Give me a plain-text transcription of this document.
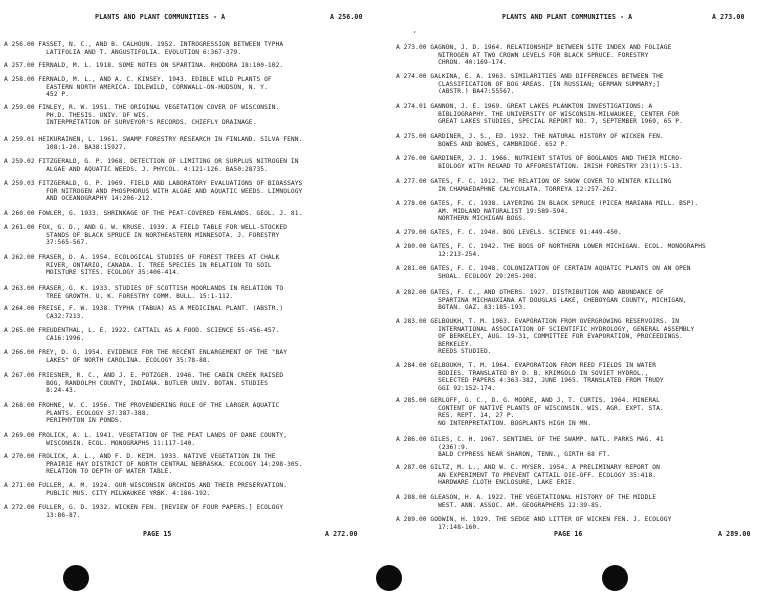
PLANTS AND PLANT COMMUNITIES - A	A 256.00
A 256.00 FASSET, N. C., AND B. CALHOUN. 1952. INTROGRESSION BETWEEN TYPHA
LATIFOLIA AND T. ANGUSTIFOLIA. EVOLUTION 6:367-379.
A 257.00 FERNALD, M. L. 1918. SOME NOTES ON SPARTINA. RHODORA 18:100-102.
A 258.00 FERNALD, M. L., AND A. C. KINSEY. 1943. EDIBLE WILD PLANTS OF
EASTERN NORTH AMERICA. IDLEWILD, CORNWALL-ON-HUDSON, N. Y.
452 P.
A 259.00 FINLEY, R. W. 1951. THE ORIGINAL VEGETATION COVER OF WISCONSIN.
PH.D. THESIS. UNIV. OF WIS.
INTERPRETATION OF SURVEYOR'S RECORDS. CHIEFLY DRAINAGE.
A 259.01 HEIKURAINEN, L. 1961. SWAMP FORESTRY RESEARCH IN FINLAND. SILVA FENN.
108:1-20. BA38:15927.
A 259.02 FITZGERALD, G. P. 1968. DETECTION OF LIMITING OR SURPLUS NITROGEN IN
ALGAE AND AQUATIC WEEDS. J. PHYCOL. 4:121-126. BA50:28735.
A 259.03 FITZGERALD, G. P. 1969. FIELD AND LABORATORY EVALUATIONS OF BIOASSAYS
FOR NITROGEN AND PHOSPHORUS WITH ALGAE AND AQUATIC WEEDS. LIMNOLOGY
AND OCEANOGRAPHY 14:206-212.
A 260.00 FOWLER, G. 1933. SHRINKAGE OF THE PEAT-COVERED FENLANDS. GEOL. J. 81.
A 261.00 FOX, G. D., AND G. W. KRUSE. 1939. A FIELD TABLE FOR WELL-STOCKED
STANDS OF BLACK SPRUCE IN NORTHEASTERN MINNESOTA. J. FORESTRY
37:565-567.
A 262.00 FRASER, D. A. 1954. ECOLOGICAL STUDIES OF FOREST TREES AT CHALK
RIVER, ONTARIO, CANADA. I. TREE SPECIES IN RELATION TO SOIL
MOISTURE SITES. ECOLOGY 35:406-414.
A 263.00 FRASER, G. K. 1933. STUDIES OF SCOTTISH MOORLANDS IN RELATION TO
TREE GROWTH. U. K. FORESTRY COMM. BULL. 15:1-112.
A 264.00 FREISE, F. W. 1938. TYPHA (TABUA) AS A MEDICINAL PLANT. (ABSTR.)
CA32:7213.
A 265.00 FREUDENTHAL, L. E. 1922. CATTAIL AS A FOOD. SCIENCE 55:456-457.
CA16:1996.
A 266.00 FREY, D. G. 1954. EVIDENCE FOR THE RECENT ENLARGEMENT OF THE "BAY
LAKES" OF NORTH CAROLINA. ECOLOGY 35:78-88.
A 267.00 FRIESNER, R. C., AND J. E. POTZGER. 1946. THE CABIN CREEK RAISED
BOG, RANDOLPH COUNTY, INDIANA. BUTLER UNIV. BOTAN. STUDIES
8:24-43.
A 268.00 FROHNE, W. C. 1956. THE PROVENDERING ROLE OF THE LARGER AQUATIC
PLANTS. ECOLOGY 37:387-388.
PERIPHYTON IN PONDS.
A 269.00 FROLICK, A. L. 1941. VEGETATION OF THE PEAT LANDS OF DANE COUNTY,
WISCONSIN. ECOL. MONOGRAPHS 11:117-140.
A 270.00 FROLICK, A. L., AND F. D. KEIM. 1933. NATIVE VEGETATION IN THE
PRAIRIE HAY DISTRICT OF NORTH CENTRAL NEBRASKA. ECOLOGY 14:298-305.
RELATION TO DEPTH OF WATER TABLE.
A 271.00 FULLER, A. M. 1924. OUR WISCONSIN ORCHIDS AND THEIR PRESERVATION.
PUBLIC MUS. CITY MILWAUKEE YRBK. 4:186-192.
A 272.00 FULLER, G. D. 1932. WICKEN FEN. [REVIEW OF FOUR PAPERS.] ECOLOGY
13:86-87.
PAGE 15	A 272.00
,
PLANTS AND PLANT COMMUNITIES - A	A 273.00
A 273.00 GAGNON, J. D. 1964. RELATIONSHIP BETWEEN SITE INDEX AND FOLIAGE
NITROGEN AT TWO CROWN LEVELS FOR BLACK SPRUCE. FORESTRY
CHRON. 40:169-174.
A 274.00 GALKINA, E. A. 1963. SIMILARITIES AND DIFFERENCES BETWEEN THE
CLASSIFICATION OF BOG AREAS. [IN RUSSIAN; GERMAN SUMMARY;]
(ABSTR.) BA47:55567.
A 274.01 GANNON, J. E. 1969. GREAT LAKES PLANKTON INVESTIGATIONS: A
BIBLIOGRAPHY. THE UNIVERSITY OF WISCONSIN-MILWAUKEE, CENTER FOR
GREAT LAKES STUDIES, SPECIAL REPORT NO. 7, SEPTEMBER 1969, 65 P.
A 275.00 GARDINER, J. S., ED. 1932. THE NATURAL HISTORY OF WICKEN FEN.
BOWES AND BOWES, CAMBRIDGE. 652 P.
A 276.00 GARDINER, J. J. 1966. NUTRIENT STATUS OF BOGLANDS AND THEIR MICRO-
BIOLOGY WITH REGARD TO AFFORESTATION. IRISH FORESTRY 23(1):5-13.
A 277.00 GATES, F. C. 1912. THE RELATION OF SNOW COVER TO WINTER KILLING
IN CHAMAEDAPHNE CALYCULATA. TORREYA 12:257-262.
A 278.00 GATES, F. C. 1938. LAYERING IN BLACK SPRUCE (PICEA MARIANA MILL. BSP).
AM. MIDLAND NATURALIST 19:589-594.
NORTHERN MICHIGAN BOGS.
A 279.00 GATES, F. C. 1940. BOG LEVELS. SCIENCE 91:449-450.
A 280.00 GATES, F. C. 1942. THE BOGS OF NORTHERN LOWER MICHIGAN. ECOL. MONOGRAPHS
12:213-254.
A 281.00 GATES, F. C. 1948. COLONIZATION OF CERTAIN AQUATIC PLANTS ON AN OPEN
SHOAL. ECOLOGY 29:205-208.
A 282.00 GATES, F. C., AND OTHERS. 1927. DISTRIBUTION AND ABUNDANCE OF
SPARTINA MICHAUXIANA AT DOUGLAS LAKE, CHEBOYGAN COUNTY, MICHIGAN,
BOTAN. GAZ. 83:185-193.
A 283.00 GELBOUKH, T. M. 1963. EVAPORATION FROM OVERGROWING RESERVOIRS. IN
INTERNATIONAL ASSOCIATION OF SCIENTIFIC HYDROLOGY, GENERAL ASSEMBLY
OF BERKELEY, AUG. 19-31, COMMITTEE FOR EVAPORATION, PROCEEDINGS.
BERKELEY.
REEDS STUDIED.
A 284.00 GELBOUKH, T. M. 1964. EVAPORATION FROM REED FIELDS IN WATER
BODIES. TRANSLATED BY D. B. KRIMGOLD IN SOVIET HYDROL.,
SELECTED PAPERS 4:363-382, JUNE 1965. TRANSLATED FROM TRUDY
GGI 92:152-174.
A 285.00 GERLOFF, G. C., D. G. MOORE, AND J. T. CURTIS. 1964. MINERAL
CONTENT OF NATIVE PLANTS OF WISCONSIN. WIS. AGR. EXPT. STA.
RES. REPT. 14, 27 P.
NO INTERPRETATION. BOGPLANTS HIGH IN MN.
A 286.00 GILES, C. H. 1967. SENTINEL OF THE SWAMP. NATL. PARKS MAG. 41
(236):9.
BALD CYPRESS NEAR SHARON, TENN., GIRTH 68 FT.
A 287.00 GILTZ, M. L., AND W. C. MYSER. 1954. A PRELIMINARY REPORT ON
AN EXPERIMENT TO PREVENT CATTAIL DIE-OFF. ECOLOGY 35:418.
HARDWARE CLOTH ENCLOSURE, LAKE ERIE.
A 288.00 GLEASON, H. A. 1922. THE VEGETATIONAL HISTORY OF THE MIDDLE
WEST. ANN. ASSOC. AM. GEOGRAPHERS 12:39-85.
A 289.00 GODWIN, H. 1929. THE SEDGE AND LITTER OF WICKEN FEN. J. ECOLOGY
17:148-160.
PAGE 16	A 289.00
